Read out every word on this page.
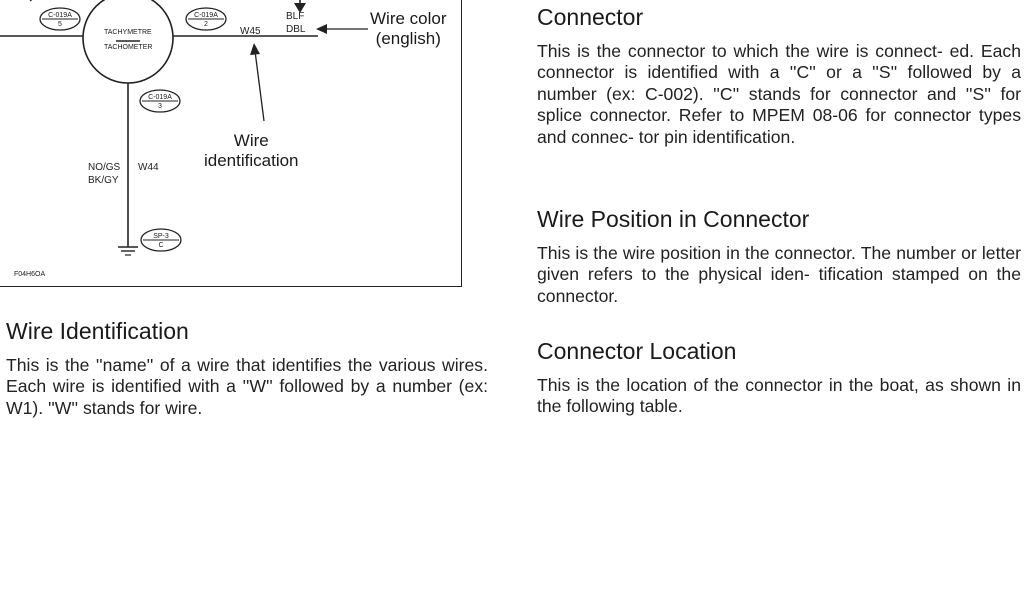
TACHYMETRE
TACHOMETER
C-019A
5
C-019A
2
C-019A
3
SP-3
C
W45
BLF
DBL
Wire color
(english)
Wire
identification
NO/GS
BK/GY
W44
F04H6OA
Wire Identification

This is the ''name'' of a wire that identifies the various wires. Each wire is identified with a ''W'' followed by a number (ex: W1). ''W'' stands for wire.

Connector

This is the connector to which the wire is connect- ed. Each connector is identified with a ''C'' or a ''S'' followed by a number (ex: C-002). ''C'' stands for connector and ''S'' for splice connector. Refer to MPEM 08-06 for connector types and connec- tor pin identification.

Wire Position in Connector

This is the wire position in the connector. The number or letter given refers to the physical iden- tification stamped on the connector.

Connector Location

This is the location of the connector in the boat, as shown in the following table.
